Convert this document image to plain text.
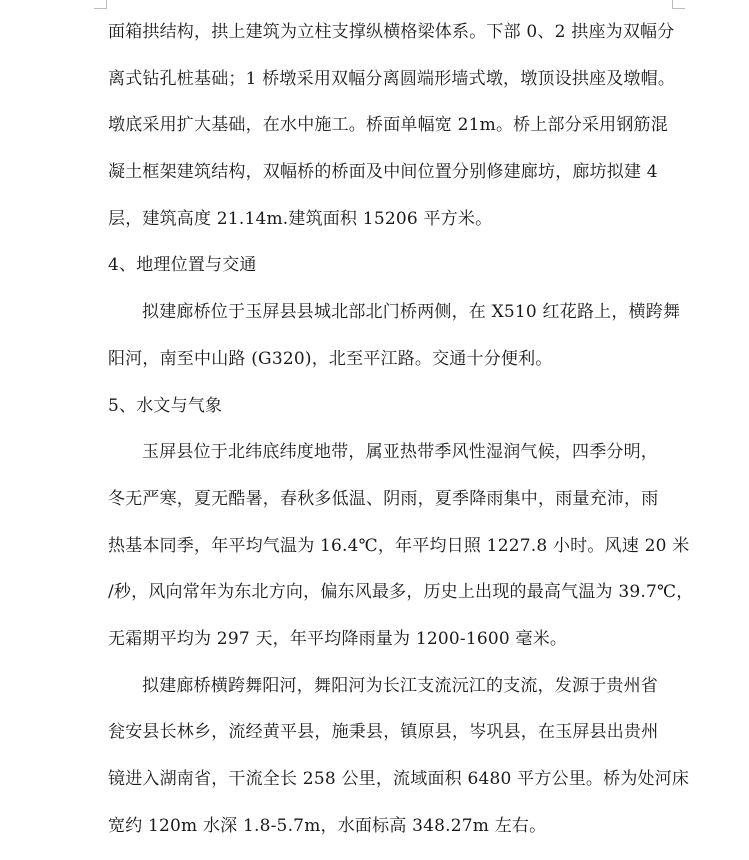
面箱拱结构，拱上建筑为立柱支撑纵横格梁体系。下部 0、2 拱座为双幅分
离式钻孔桩基础；1 桥墩采用双幅分离圆端形墙式墩，墩顶设拱座及墩帽。
墩底采用扩大基础，在水中施工。桥面单幅宽 21m。桥上部分采用钢筋混
凝土框架建筑结构，双幅桥的桥面及中间位置分别修建廊坊，廊坊拟建 4
层，建筑高度 21.14m.建筑面积 15206 平方米。
4、地理位置与交通
拟建廊桥位于玉屏县县城北部北门桥两侧，在 X510 红花路上，横跨舞
阳河，南至中山路 (G320)，北至平江路。交通十分便利。
5、水文与气象
玉屏县位于北纬底纬度地带，属亚热带季风性湿润气候，四季分明，
冬无严寒，夏无酷暑，春秋多低温、阴雨，夏季降雨集中，雨量充沛，雨
热基本同季，年平均气温为 16.4℃，年平均日照 1227.8 小时。风速 20 米
/秒，风向常年为东北方向，偏东风最多，历史上出现的最高气温为 39.7℃，
无霜期平均为 297 天，年平均降雨量为 1200-1600 毫米。
拟建廊桥横跨舞阳河，舞阳河为长江支流沅江的支流，发源于贵州省
瓮安县长林乡，流经黄平县，施秉县，镇原县，岑巩县，在玉屏县出贵州
镜进入湖南省，干流全长 258 公里，流域面积 6480 平方公里。桥为处河床
宽约 120m 水深 1.8-5.7m，水面标高 348.27m 左右。
